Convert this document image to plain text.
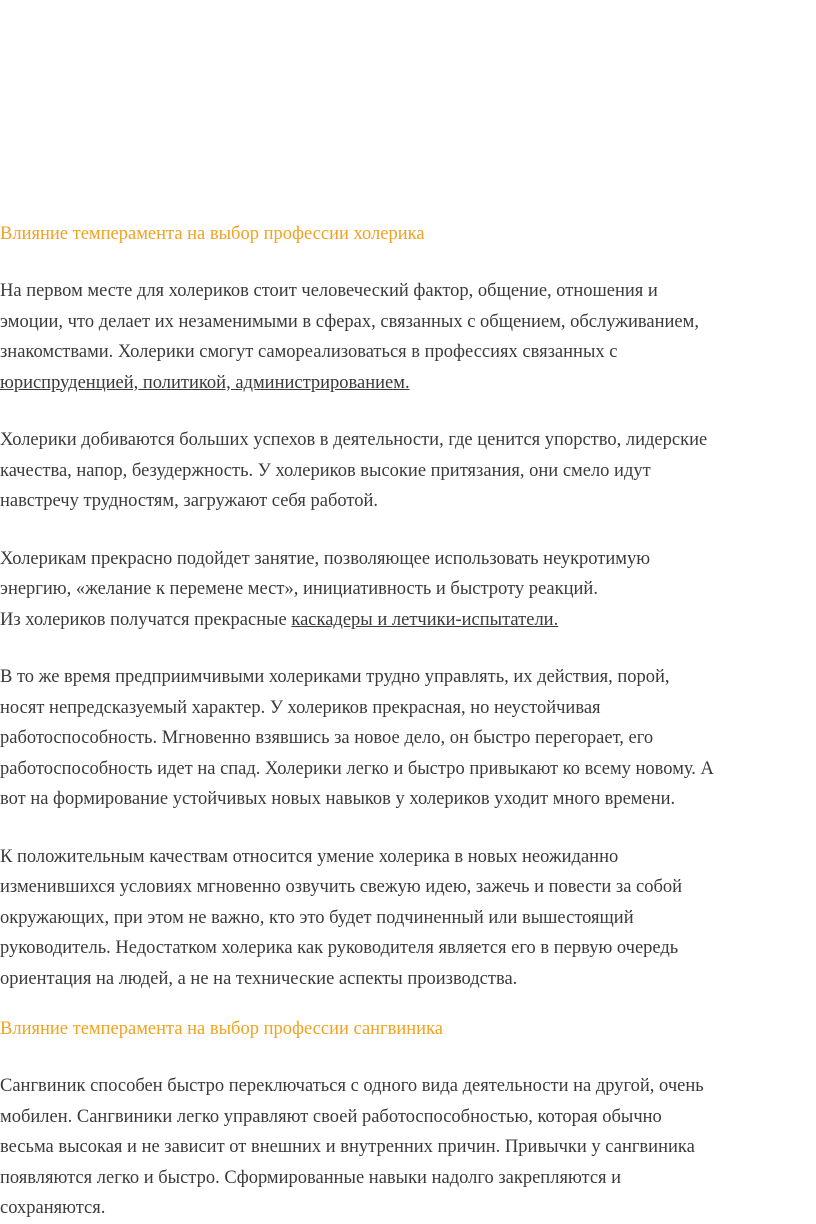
Влияние темперамента на выбор профессии холерика

На первом месте для холериков стоит человеческий фактор, общение, отношения и
эмоции, что делает их незаменимыми в сферах, связанных с общением, обслуживанием,
знакомствами. Холерики смогут самореализоваться в профессиях связанных с
юриспруденцией, политикой, администрированием.

Холерики добиваются больших успехов в деятельности, где ценится упорство, лидерские
качества, напор, безудержность. У холериков высокие притязания, они смело идут
навстречу трудностям, загружают себя работой.

Холерикам прекрасно подойдет занятие, позволяющее использовать неукротимую
энергию, «желание к перемене мест», инициативность и быстроту реакций.
Из холериков получатся прекрасные каскадеры и летчики-испытатели.

В то же время предприимчивыми холериками трудно управлять, их действия, порой,
носят непредсказуемый характер. У холериков прекрасная, но неустойчивая
работоспособность. Мгновенно взявшись за новое дело, он быстро перегорает, его
работоспособность идет на спад. Холерики легко и быстро привыкают ко всему новому. А
вот на формирование устойчивых новых навыков у холериков уходит много времени.

К положительным качествам относится умение холерика в новых неожиданно
изменившихся условиях мгновенно озвучить свежую идею, зажечь и повести за собой
окружающих, при этом не важно, кто это будет подчиненный или вышестоящий
руководитель. Недостатком холерика как руководителя является его в первую очередь
ориентация на людей, а не на технические аспекты производства.

Влияние темперамента на выбор профессии сангвиника

Сангвиник способен быстро переключаться с одного вида деятельности на другой, очень
мобилен. Сангвиники легко управляют своей работоспособностью, которая обычно
весьма высокая и не зависит от внешних и внутренних причин. Привычки у сангвиника
появляются легко и быстро. Сформированные навыки надолго закрепляются и
сохраняются.
